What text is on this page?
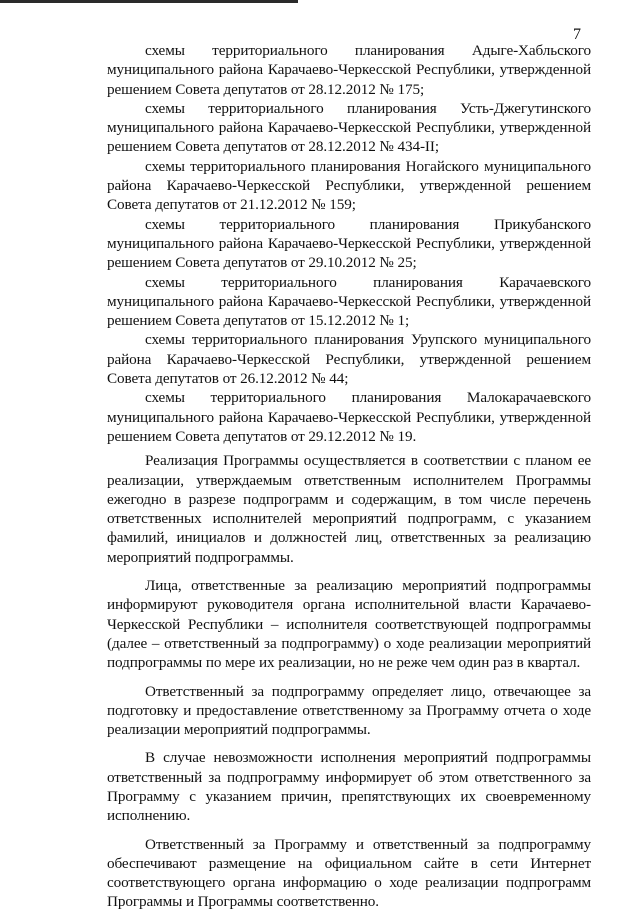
7

схемы территориального планирования Адыге-Хабльского муниципального района Карачаево-Черкесской Республики, утвержденной решением Совета депутатов от 28.12.2012 № 175;

схемы территориального планирования Усть-Джегутинского муниципального района Карачаево-Черкесской Республики, утвержденной решением Совета депутатов от 28.12.2012 № 434-II;

схемы территориального планирования Ногайского муниципального района Карачаево-Черкесской Республики, утвержденной решением Совета депутатов от 21.12.2012 № 159;

схемы территориального планирования Прикубанского муниципального района Карачаево-Черкесской Республики, утвержденной решением Совета депутатов от 29.10.2012 № 25;

схемы территориального планирования Карачаевского муниципального района Карачаево-Черкесской Республики, утвержденной решением Совета депутатов от 15.12.2012 № 1;

схемы территориального планирования Урупского муниципального района Карачаево-Черкесской Республики, утвержденной решением Совета депутатов от 26.12.2012 № 44;

схемы территориального планирования Малокарачаевского муниципального района Карачаево-Черкесской Республики, утвержденной решением Совета депутатов от 29.12.2012 № 19.

Реализация Программы осуществляется в соответствии с планом ее реализации, утверждаемым ответственным исполнителем Программы ежегодно в разрезе подпрограмм и содержащим, в том числе перечень ответственных исполнителей мероприятий подпрограмм, с указанием фамилий, инициалов и должностей лиц, ответственных за реализацию мероприятий подпрограммы.

Лица, ответственные за реализацию мероприятий подпрограммы информируют руководителя органа исполнительной власти Карачаево-Черкесской Республики – исполнителя соответствующей подпрограммы (далее – ответственный за подпрограмму) о ходе реализации мероприятий подпрограммы по мере их реализации, но не реже чем один раз в квартал.

Ответственный за подпрограмму определяет лицо, отвечающее за подготовку и предоставление ответственному за Программу отчета о ходе реализации мероприятий подпрограммы.

В случае невозможности исполнения мероприятий подпрограммы ответственный за подпрограмму информирует об этом ответственного за Программу с указанием причин, препятствующих их своевременному исполнению.

Ответственный за Программу и ответственный за подпрограмму обеспечивают размещение на официальном сайте в сети Интернет соответствующего органа информацию о ходе реализации подпрограмм Программы и Программы соответственно.
